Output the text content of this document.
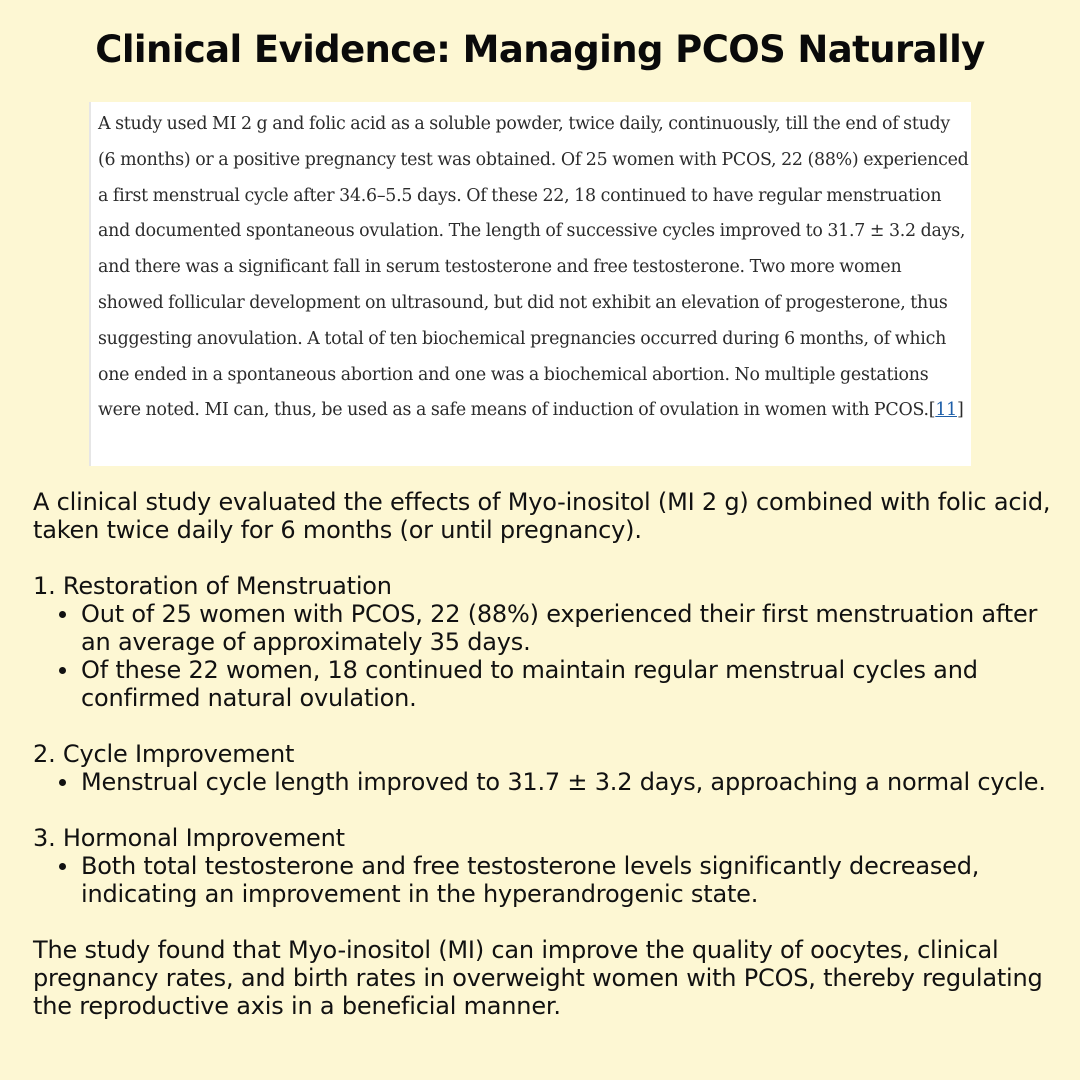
Clinical Evidence: Managing PCOS Naturally

A study used MI 2 g and folic acid as a soluble powder, twice daily, continuously, till the end of study (6 months) or a positive pregnancy test was obtained. Of 25 women with PCOS, 22 (88%) experienced a first menstrual cycle after 34.6–5.5 days. Of these 22, 18 continued to have regular menstruation and documented spontaneous ovulation. The length of successive cycles improved to 31.7 ± 3.2 days, and there was a significant fall in serum testosterone and free testosterone. Two more women showed follicular development on ultrasound, but did not exhibit an elevation of progesterone, thus suggesting anovulation. A total of ten biochemical pregnancies occurred during 6 months, of which one ended in a spontaneous abortion and one was a biochemical abortion. No multiple gestations were noted. MI can, thus, be used as a safe means of induction of ovulation in women with PCOS.[11]

A clinical study evaluated the effects of Myo-inositol (MI 2 g) combined with folic acid, taken twice daily for 6 months (or until pregnancy).

1. Restoration of Menstruation

Out of 25 women with PCOS, 22 (88%) experienced their first menstruation after an average of approximately 35 days.
Of these 22 women, 18 continued to maintain regular menstrual cycles and confirmed natural ovulation.

2. Cycle Improvement

Menstrual cycle length improved to 31.7 ± 3.2 days, approaching a normal cycle.

3. Hormonal Improvement

Both total testosterone and free testosterone levels significantly decreased, indicating an improvement in the hyperandrogenic state.

The study found that Myo-inositol (MI) can improve the quality of oocytes, clinical pregnancy rates, and birth rates in overweight women with PCOS, thereby regulating the reproductive axis in a beneficial manner.
